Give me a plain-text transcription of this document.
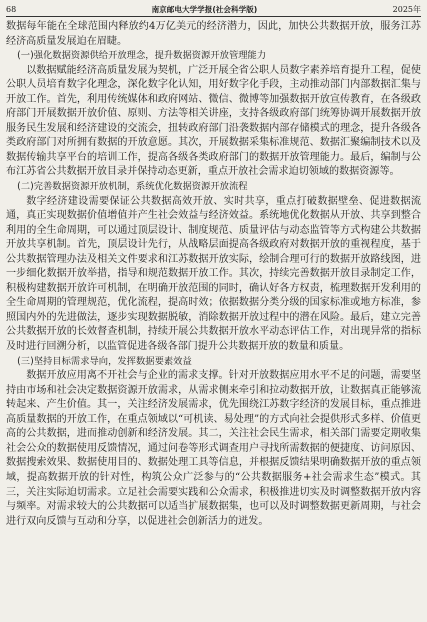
68	南京邮电大学学报(社会科学版)	2025年

数据每年能在全球范围内释放约4万亿美元的经济潜力，因此，加快公共数据开放，服务江苏经济高质量发展迫在眉睫。

(一)强化数据资源供给开放理念，提升数据资源开放管理能力

以数据赋能经济高质量发展为契机，广泛开展全省公职人员数字素养培育提升工程，促使公职人员培育数字化理念，深化数字化认知，用好数字化手段，主动推动部门内部数据汇集与开放工作。首先，利用传统媒体和政府网站、微信、微博等加强数据开放宣传教育，在各级政府部门开展数据开放价值、原则、方法等相关讲座，支持各级政府部门统筹协调开展数据开放服务民生发展和经济建设的交流会，扭转政府部门沿袭数据内部存储模式的理念，提升各级各类政府部门对所拥有数据的开放意愿。其次，开展数据采集标准规范、数据汇聚编制技术以及数据传输共享平台的培训工作，提高各级各类政府部门的数据开放管理能力。最后，编制与公布江苏省公共数据开放目录并保持动态更新，重点开放社会需求迫切领域的数据资源等。

(二)完善数据资源开放机制，系统优化数据资源开放流程

数字经济建设需要保证公共数据高效开放、实时共享，重点打破数据壁垒、促进数据流通，真正实现数据价值增值并产生社会效益与经济效益。系统地优化数据从开放、共享到整合利用的全生命周期，可以通过顶层设计、制度规范、质量评估与动态监管等方式构建公共数据开放共享机制。首先，顶层设计先行，从战略层面提高各级政府对数据开放的重视程度，基于公共数据管理办法及相关文件要求和江苏数据开放实际，绘制合理可行的数据开放路线图，进一步细化数据开放举措，指导和规范数据开放工作。其次，持续完善数据开放目录制定工作，积极构建数据开放许可机制，在明确开放范围的同时，确认好各方权责，梳理数据开发利用的全生命周期的管理规范，优化流程，提高时效；依据数据分类分级的国家标准或地方标准，参照国内外的先进做法，逐步实现数据脱敏，消除数据开放过程中的潜在风险。最后，建立完善公共数据开放的长效督查机制，持续开展公共数据开放水平动态评估工作，对出现异常的指标及时进行回溯分析，以监管促进各级各部门提升公共数据开放的数量和质量。

(三)坚持目标需求导向，发挥数据要素效益

数据开放应用离不开社会与企业的需求支撑。针对开放数据应用水平不足的问题，需要坚持由市场和社会决定数据资源开放需求，从需求侧来牵引和拉动数据开放，让数据真正能够流转起来、产生价值。其一，关注经济发展需求，优先围绕江苏数字经济的发展目标，重点推进高质量数据的开放工作，在重点领域以“可机读、易处理”的方式向社会提供形式多样、价值更高的公共数据，进而推动创新和经济发展。其二，关注社会民生需求，相关部门需要定期收集社会公众的数据使用反馈情况，通过问卷等形式调查用户寻找所需数据的便捷度、访问原因、数据搜索效果、数据使用目的、数据处理工具等信息，并根据反馈结果明确数据开放的重点领域，提高数据开放的针对性，构筑公众广泛参与的“公共数据服务+社会需求生态”模式。其三，关注实际迫切需求。立足社会需要实践和公众需求，积极推进切实及时调整数据开放内容与频率。对需求较大的公共数据可以适当扩展数据集，也可以及时调整数据更新周期，与社会进行双向反馈与互动和分享，以促进社会创新活力的迸发。
